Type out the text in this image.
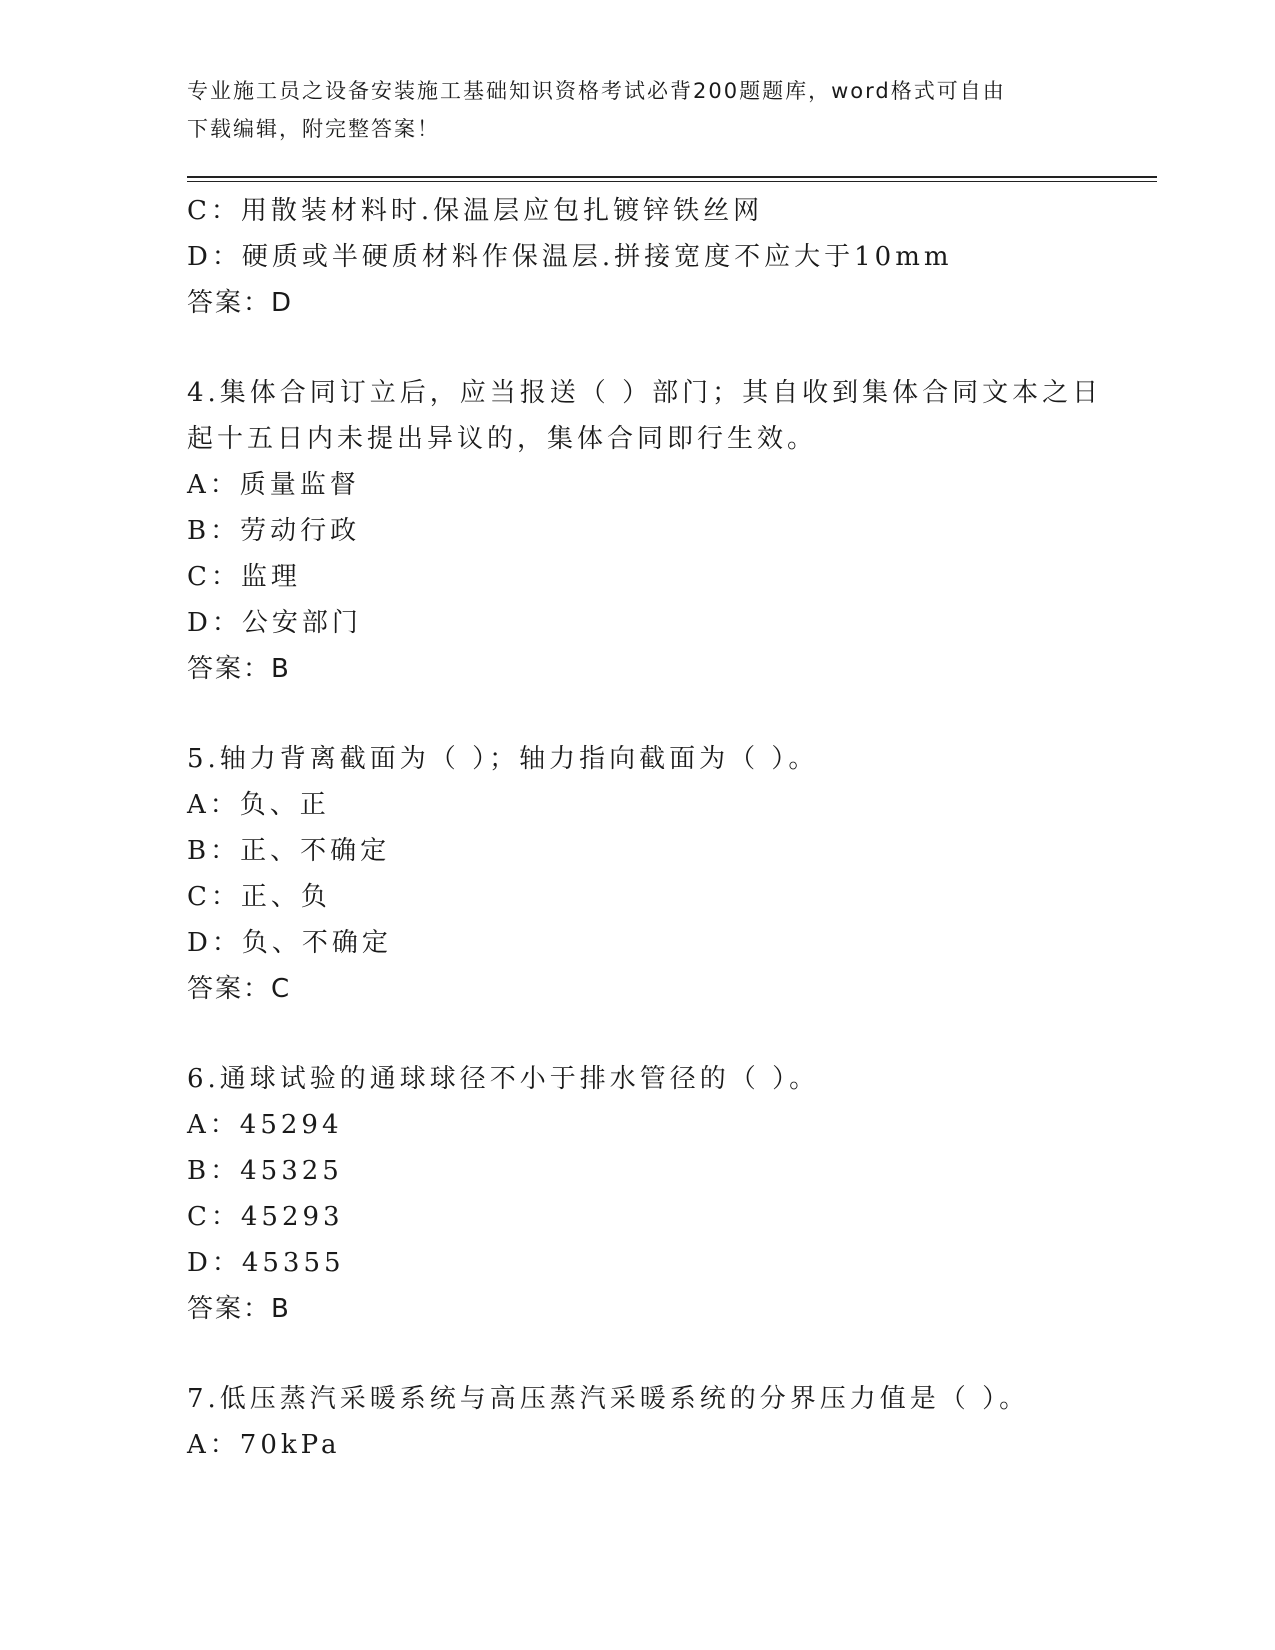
专业施工员之设备安装施工基础知识资格考试必背200题题库，word格式可自由
下载编辑，附完整答案！
C：用散装材料时.保温层应包扎镀锌铁丝网
D：硬质或半硬质材料作保温层.拼接宽度不应大于10mm
答案：D
4.集体合同订立后，应当报送（ ）部门；其自收到集体合同文本之日
起十五日内未提出异议的，集体合同即行生效。
A：质量监督
B：劳动行政
C：监理
D：公安部门
答案：B
5.轴力背离截面为（ ）；轴力指向截面为（ ）。
A：负、正
B：正、不确定
C：正、负
D：负、不确定
答案：C
6.通球试验的通球球径不小于排水管径的（ ）。
A：45294
B：45325
C：45293
D：45355
答案：B
7.低压蒸汽采暖系统与高压蒸汽采暖系统的分界压力值是（ ）。
A：70kPa
